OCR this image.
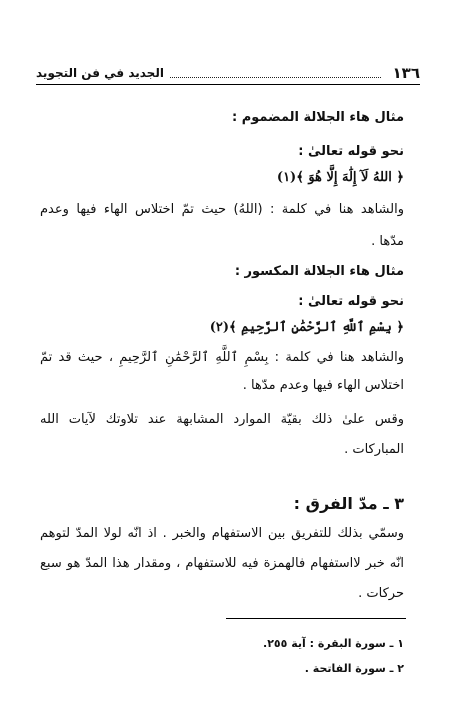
١٣٦
الجديد في فن التجويد
مثال هاء الجلالة المضموم :
نحو قوله تعالىٰ :
﴿ اللهُ لَآ إِلَٰهَ إِلَّا هُوَ ﴾(١)
والشاهد هنا في كلمة : (اللهُ) حيث تمّ اختلاس الهاء فيها وعدم
مدّها .
مثال هاء الجلالة المكسور :
نحو قوله تعالىٰ :
﴿ بِسْمِ ٱللَّهِ ٱلرَّحْمَٰنِ ٱلرَّحِيمِ ﴾(٢)
والشاهد هنا في كلمة : بِسْمِ ٱللَّهِ ٱلرَّحْمَٰنِ ٱلرَّحِيمِ ، حيث قد تمّ
اختلاس الهاء فيها وعدم مدّها .
وقس علىٰ ذلك بقيّة الموارد المشابهة عند تلاوتك لآيات الله
المباركات .
٣ ـ مدّ الفرق :
وسمّي بذلك للتفريق بين الاستفهام والخبر . اذ انّه لولا المدّ لتوهم
انّه خبر لااستفهام فالهمزة فيه للاستفهام ، ومقدار هذا المدّ هو سبع
حركات .
١ ـ سورة البقرة : آية ٢٥٥.
٢ ـ سورة الفاتحة .
